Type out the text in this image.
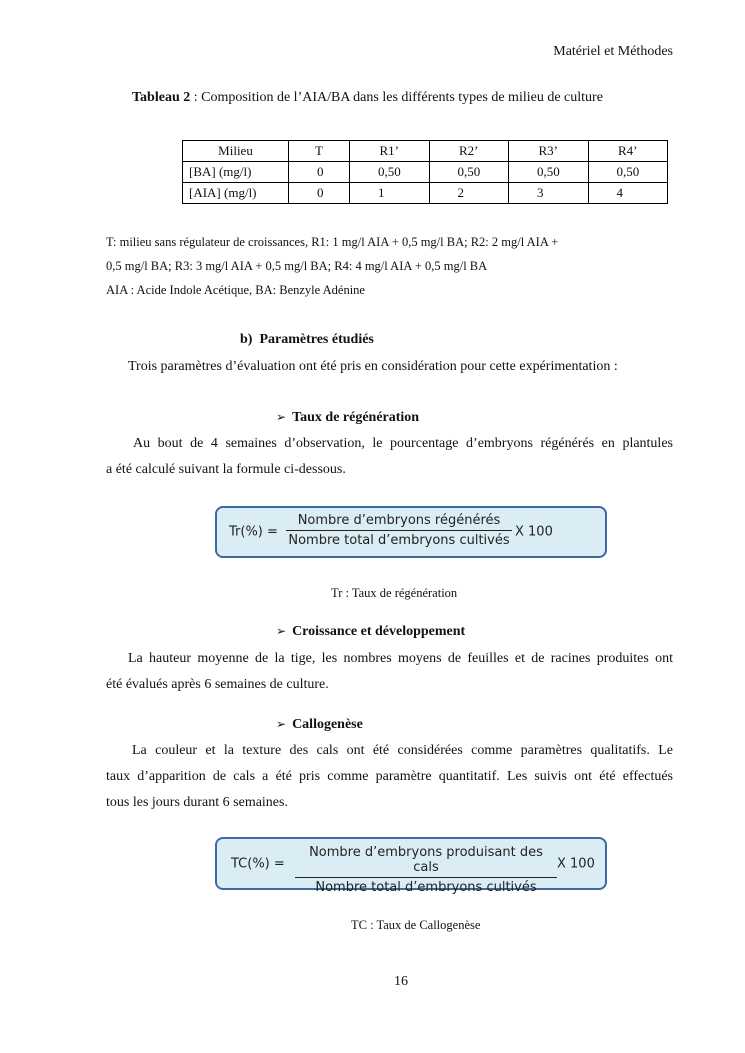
Matériel et Méthodes
Tableau 2 : Composition de l’AIA/BA dans les différents types de milieu de culture
Milieu	T	R1’	R2’	R3’	R4’
[BA] (mg/l)	0	0,50	0,50	0,50	0,50
[AIA] (mg/l)	0	1	2	3	4
T: milieu sans régulateur de croissances, R1: 1 mg/l AIA + 0,5 mg/l BA; R2: 2 mg/l AIA +
0,5 mg/l BA; R3: 3 mg/l AIA + 0,5 mg/l BA; R4: 4 mg/l AIA + 0,5 mg/l BA
AIA : Acide Indole Acétique, BA: Benzyle Adénine
b) Paramètres étudiés
Trois paramètres d’évaluation ont été pris en considération pour cette expérimentation :
➢ Taux de régénération
Au bout de 4 semaines d’observation, le pourcentage d’embryons régénérés en plantules
a été calculé suivant la formule ci-dessous.
Tr(%) =
Nombre d’embryons régénérés
Nombre total d’embryons cultivés
X 100
Tr : Taux de régénération
➢ Croissance et développement
La hauteur moyenne de la tige, les nombres moyens de feuilles et de racines produites ont
été évalués après 6 semaines de culture.
➢ Callogenèse
La couleur et la texture des cals ont été considérées comme paramètres qualitatifs. Le
taux d’apparition de cals a été pris comme paramètre quantitatif. Les suivis ont été effectués
tous les jours durant 6 semaines.
TC(%) =
Nombre d’embryons produisant des cals
Nombre total d’embryons cultivés
X 100
TC : Taux de Callogenèse
16
